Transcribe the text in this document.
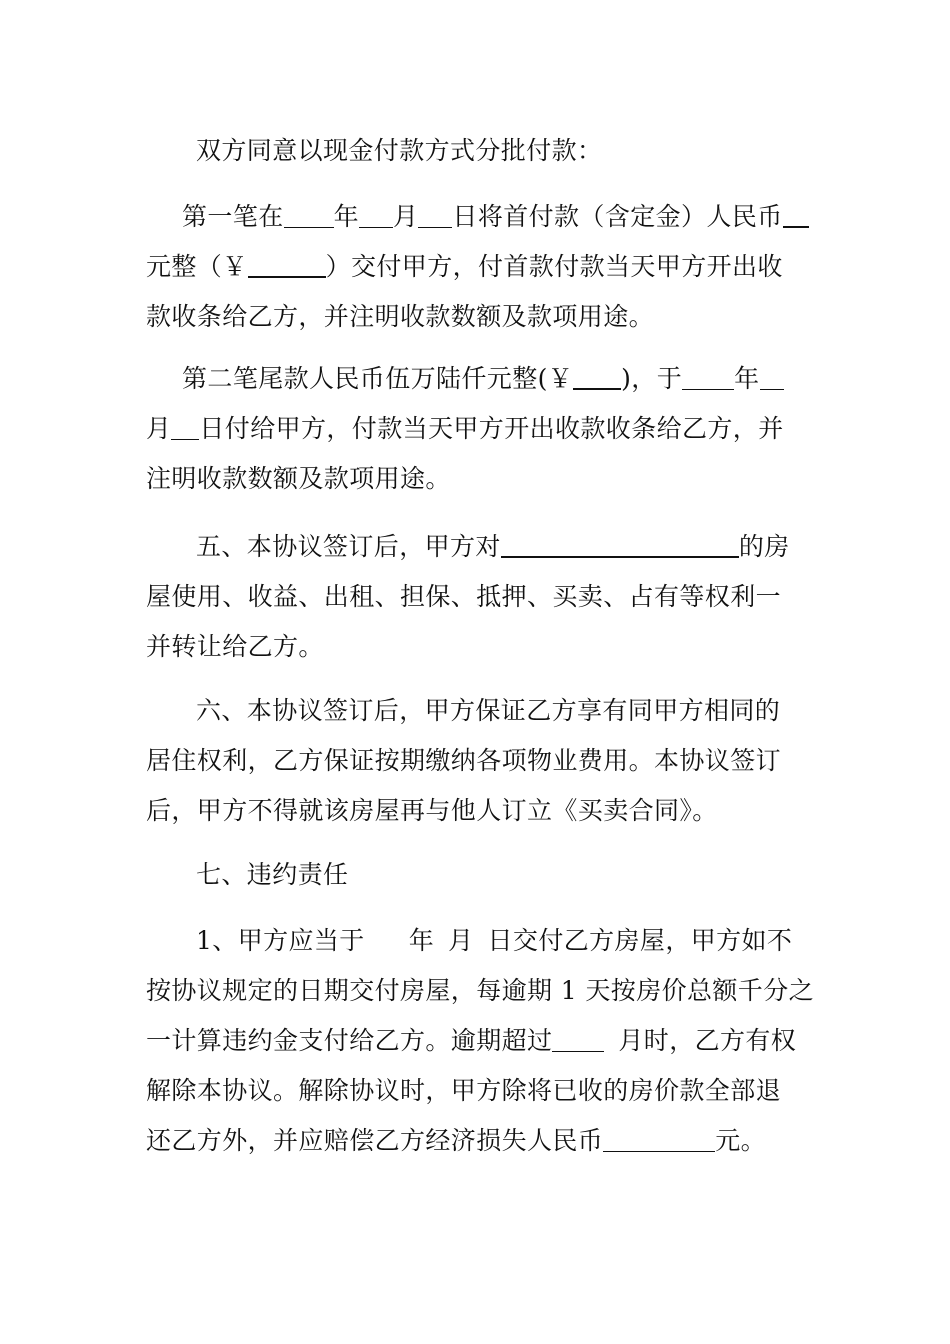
双方同意以现金付款方式分批付款：
第一笔在 年 月 日将首付款（含定金）人民币
元整（￥	）交付甲方，付首款付款当天甲方开出收
款收条给乙方，并注明收款数额及款项用途。
第二笔尾款人民币伍万陆仟元整(￥ )，于 年
月 日付给甲方，付款当天甲方开出收款收条给乙方，并
注明收款数额及款项用途。
五、本协议签订后，甲方对	的房
屋使用、收益、出租、担保、抵押、买卖、占有等权利一
并转让给乙方。
六、本协议签订后，甲方保证乙方享有同甲方相同的
居住权利，乙方保证按期缴纳各项物业费用。本协议签订
后，甲方不得就该房屋再与他人订立《买卖合同》。
七、违约责任
1、甲方应当于 年 月 日交付乙方房屋，甲方如不
按协议规定的日期交付房屋，每逾期 1 天按房价总额千分之
一计算违约金支付给乙方。逾期超过	月时，乙方有权
解除本协议。解除协议时，甲方除将已收的房价款全部退
还乙方外，并应赔偿乙方经济损失人民币	元。
